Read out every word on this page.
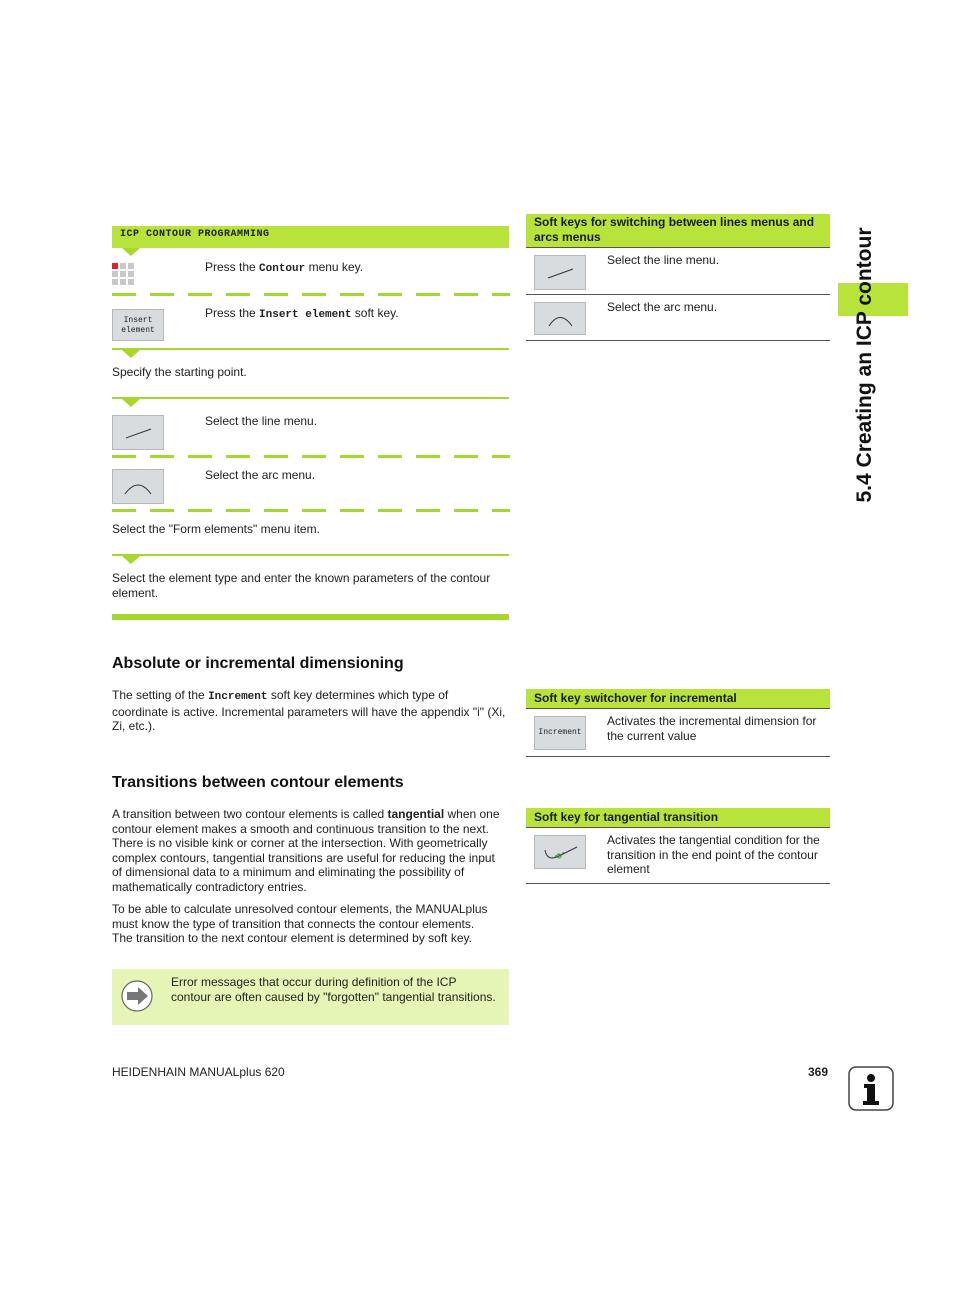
ICP CONTOUR PROGRAMMING
Press the Contour menu key.
Insert
element
Press the Insert element soft key.
Specify the starting point.
Select the line menu.
Select the arc menu.
Select the "Form elements" menu item.
Select the element type and enter the known parameters of the contour element.
Absolute or incremental dimensioning
The setting of the Increment soft key determines which type of coordinate is active. Incremental parameters will have the appendix "i" (Xi, Zi, etc.).
Transitions between contour elements
A transition between two contour elements is called tangential when one contour element makes a smooth and continuous transition to the next. There is no visible kink or corner at the intersection. With geometrically complex contours, tangential transitions are useful for reducing the input of dimensional data to a minimum and eliminating the possibility of mathematically contradictory entries.
To be able to calculate unresolved contour elements, the MANUALplus must know the type of transition that connects the contour elements. The transition to the next contour element is determined by soft key.
Error messages that occur during definition of the ICP contour are often caused by "forgotten" tangential transitions.
Soft keys for switching between lines menus and arcs menus
Select the line menu.
Select the arc menu.
Soft key switchover for incremental
Increment
Activates the incremental dimension for the current value
Soft key for tangential transition
Activates the tangential condition for the transition in the end point of the contour element
5.4 Creating an ICP contour
HEIDENHAIN MANUALplus 620	369
